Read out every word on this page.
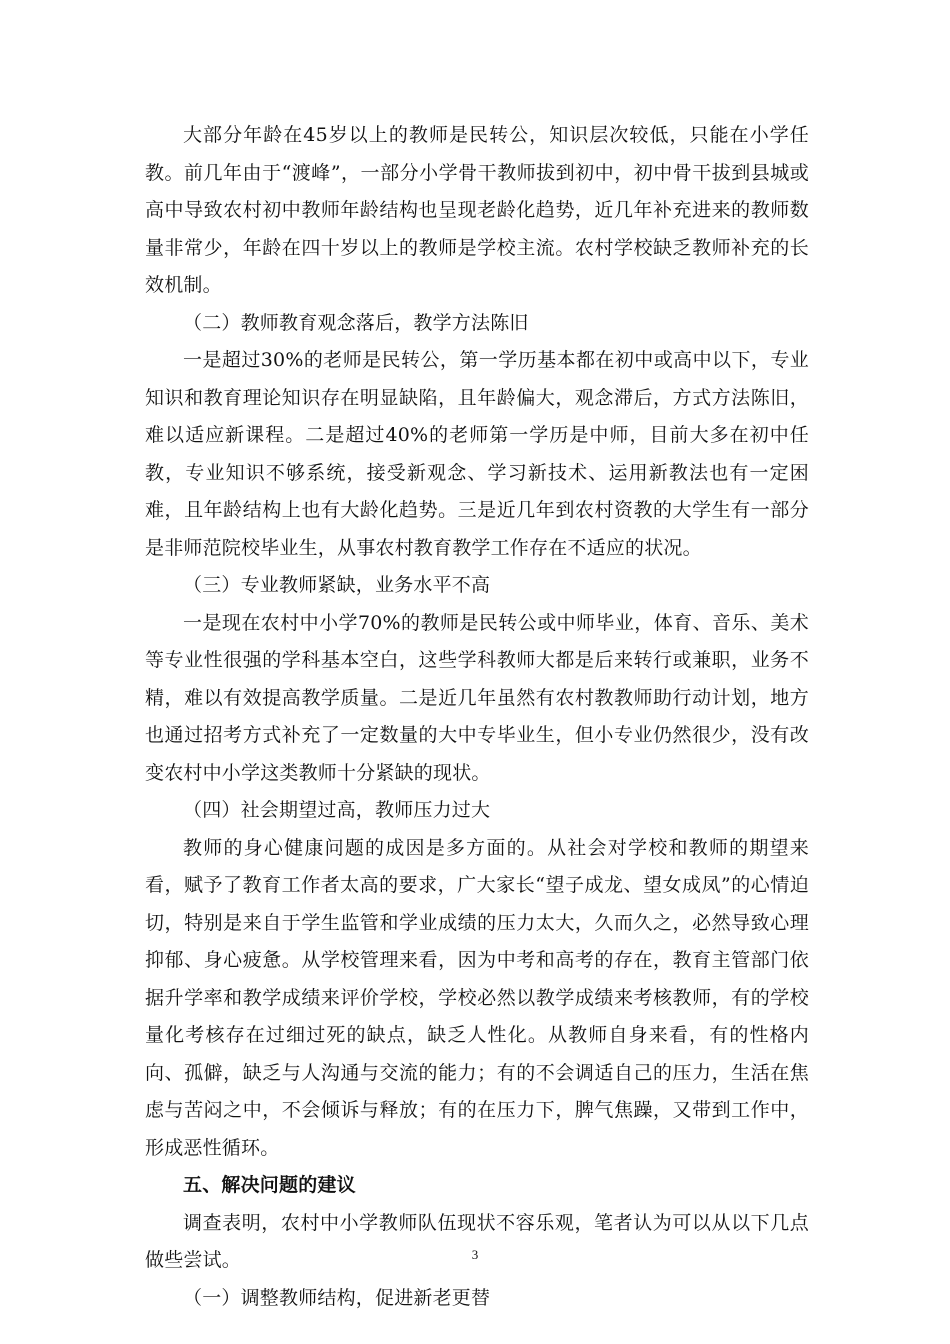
大部分年龄在45岁以上的教师是民转公，知识层次较低，只能在小学任教。前几年由于“渡峰”，一部分小学骨干教师拔到初中，初中骨干拔到县城或高中导致农村初中教师年龄结构也呈现老龄化趋势，近几年补充进来的教师数量非常少，年龄在四十岁以上的教师是学校主流。农村学校缺乏教师补充的长效机制。

（二）教师教育观念落后，教学方法陈旧

一是超过30%的老师是民转公，第一学历基本都在初中或高中以下，专业知识和教育理论知识存在明显缺陷，且年龄偏大，观念滞后，方式方法陈旧，难以适应新课程。二是超过40%的老师第一学历是中师，目前大多在初中任教，专业知识不够系统，接受新观念、学习新技术、运用新教法也有一定困难，且年龄结构上也有大龄化趋势。三是近几年到农村资教的大学生有一部分是非师范院校毕业生，从事农村教育教学工作存在不适应的状况。

（三）专业教师紧缺，业务水平不高

一是现在农村中小学70%的教师是民转公或中师毕业，体育、音乐、美术等专业性很强的学科基本空白，这些学科教师大都是后来转行或兼职，业务不精，难以有效提高教学质量。二是近几年虽然有农村教教师助行动计划，地方也通过招考方式补充了一定数量的大中专毕业生，但小专业仍然很少，没有改变农村中小学这类教师十分紧缺的现状。

（四）社会期望过高，教师压力过大

教师的身心健康问题的成因是多方面的。从社会对学校和教师的期望来看，赋予了教育工作者太高的要求，广大家长“望子成龙、望女成凤”的心情迫切，特别是来自于学生监管和学业成绩的压力太大，久而久之，必然导致心理抑郁、身心疲惫。从学校管理来看，因为中考和高考的存在，教育主管部门依据升学率和教学成绩来评价学校，学校必然以教学成绩来考核教师，有的学校量化考核存在过细过死的缺点，缺乏人性化。从教师自身来看，有的性格内向、孤僻，缺乏与人沟通与交流的能力；有的不会调适自己的压力，生活在焦虑与苦闷之中，不会倾诉与释放；有的在压力下，脾气焦躁，又带到工作中，形成恶性循环。

五、解决问题的建议

调查表明，农村中小学教师队伍现状不容乐观，笔者认为可以从以下几点做些尝试。

（一）调整教师结构，促进新老更替

3
